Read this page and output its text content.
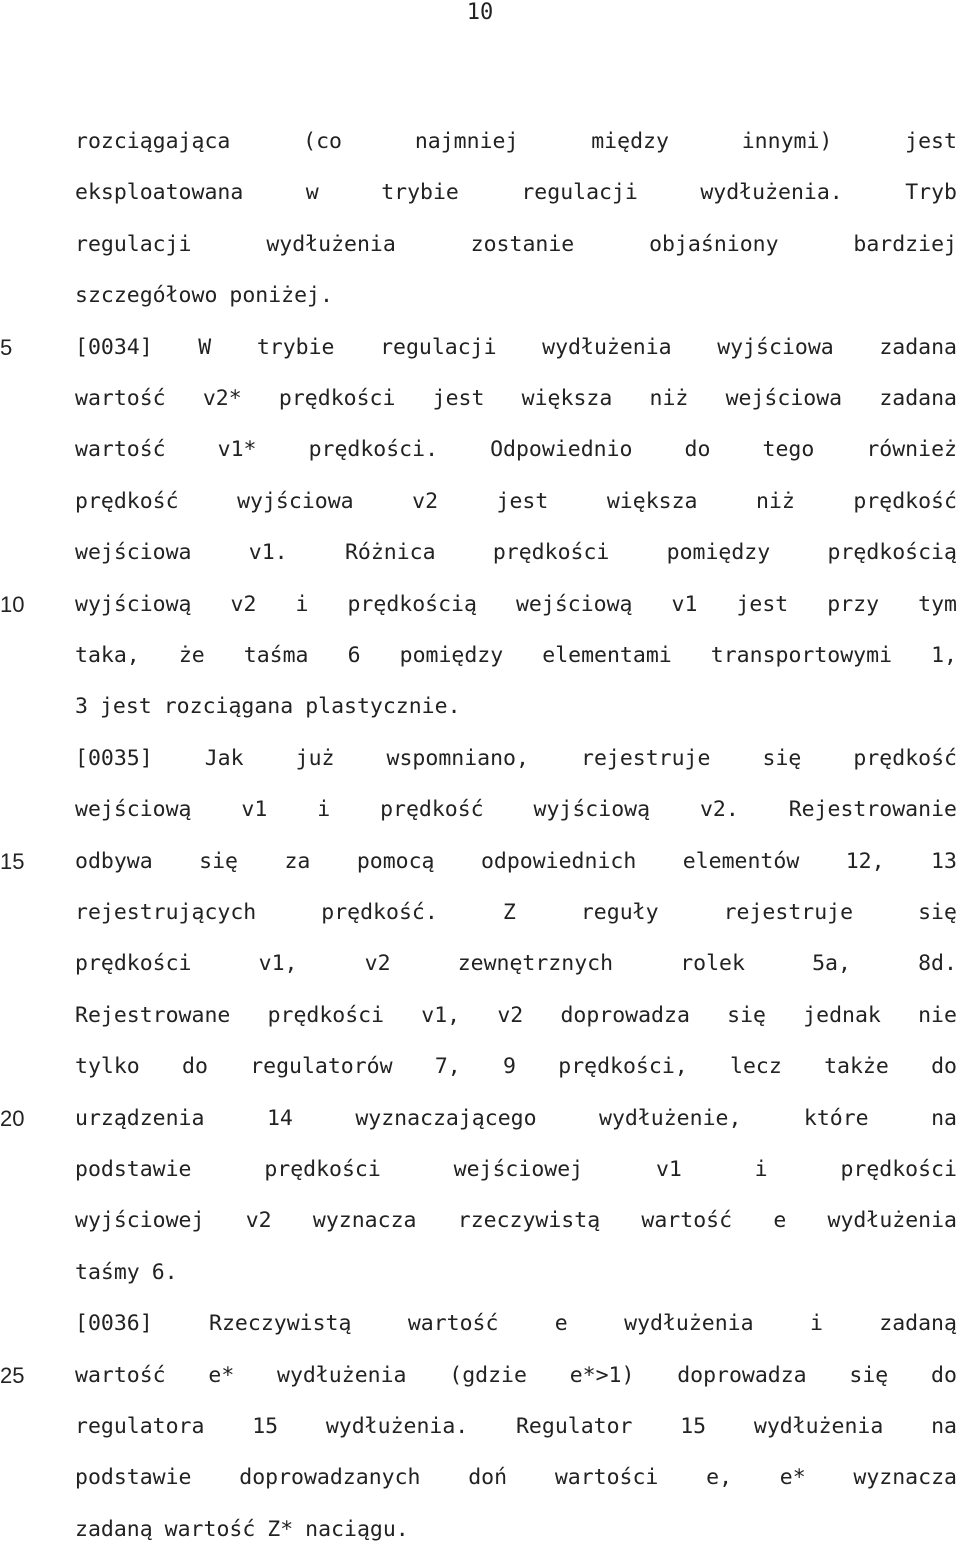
10
5
10
15
20
25
rozciągająca	(co	najmniej	między	innymi)	jest
eksploatowana	w	trybie	regulacji	wydłużenia.	Tryb
regulacji	wydłużenia	zostanie	objaśniony	bardziej
szczegółowo poniżej.
[0034] W trybie regulacji wydłużenia wyjściowa zadana
wartość v2* prędkości jest większa niż wejściowa zadana
wartość v1* prędkości. Odpowiednio do tego również
prędkość	wyjściowa	v2	jest	większa	niż	prędkość
wejściowa	v1.	Różnica	prędkości	pomiędzy	prędkością
wyjściową v2 i prędkością wejściową v1 jest przy tym
taka, że taśma 6 pomiędzy elementami transportowymi 1,
3 jest rozciągana plastycznie.
[0035] Jak już wspomniano, rejestruje się prędkość
wejściową v1 i prędkość wyjściową v2. Rejestrowanie
odbywa się za pomocą odpowiednich elementów 12, 13
rejestrujących	prędkość.	Z	reguły	rejestruje	się
prędkości	v1,	v2	zewnętrznych	rolek	5a,	8d.
Rejestrowane prędkości v1, v2 doprowadza się jednak nie
tylko do regulatorów 7, 9 prędkości, lecz także do
urządzenia	14	wyznaczającego	wydłużenie,	które	na
podstawie	prędkości	wejściowej	v1	i	prędkości
wyjściowej v2 wyznacza rzeczywistą wartość e wydłużenia
taśmy 6.
[0036]	Rzeczywistą	wartość	e	wydłużenia	i	zadaną
wartość e* wydłużenia (gdzie e*>1) doprowadza się do
regulatora 15 wydłużenia. Regulator 15 wydłużenia na
podstawie doprowadzanych doń wartości e, e* wyznacza
zadaną wartość Z* naciągu.
